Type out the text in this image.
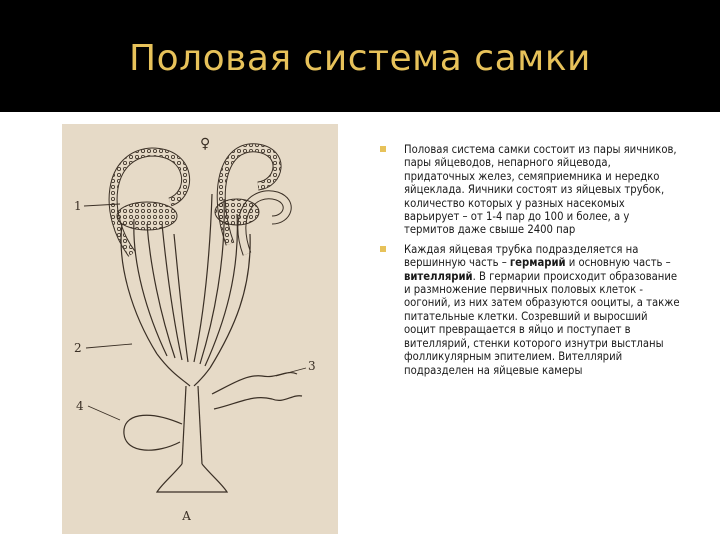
Половая система самки
♀
1
2
3
4
А

Половая система самки состоит из пары яичников, пары яйцеводов, непарного яйцевода, придаточных желез, семяприемника и нередко яйцеклада. Яичники состоят из яйцевых трубок, количество которых у разных насекомых варьирует – от 1-4 пар до 100 и более, а у термитов даже свыше 2400 пар

Каждая яйцевая трубка подразделяется на вершинную часть – гермарий и основную часть – вителлярий. В гермарии происходит образование и размножение первичных половых клеток - оогоний, из них затем образуются ооциты, а также питательные клетки. Созревший и выросший ооцит превращается в яйцо и поступает в вителлярий, стенки которого изнутри выстланы фолликулярным эпителием. Вителлярий подразделен на яйцевые камеры
